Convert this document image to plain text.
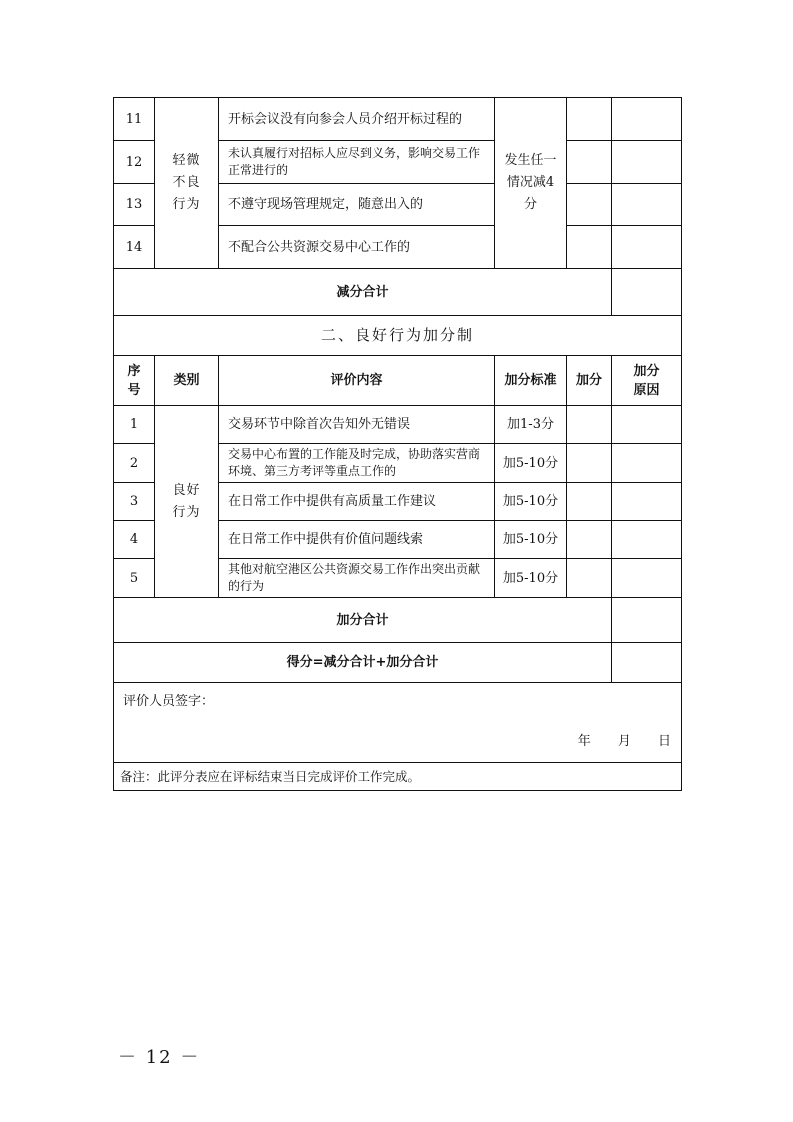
11	轻微
不良
行为	开标会议没有向参会人员介绍开标过程的	发生任一
情况减4
分		
12		未认真履行对招标人应尽到义务，影响交易工作正常进行的			
13		不遵守现场管理规定，随意出入的			
14		不配合公共资源交易中心工作的			
减分合计					
二、良好行为加分制					
序
号	类别	评价内容	加分标准	加分	加分
原因
1	良好
行为	交易环节中除首次告知外无错误	加1-3分		
2		交易中心布置的工作能及时完成，协助落实营商环境、第三方考评等重点工作的	加5-10分		
3		在日常工作中提供有高质量工作建议	加5-10分		
4		在日常工作中提供有价值问题线索	加5-10分		
5		其他对航空港区公共资源交易工作作出突出贡献的行为	加5-10分		
加分合计					
得分=减分合计+加分合计					
评价人员签字：
年 月 日					

备注：此评分表应在评标结束当日完成评价工作完成。					
－ 12 －
